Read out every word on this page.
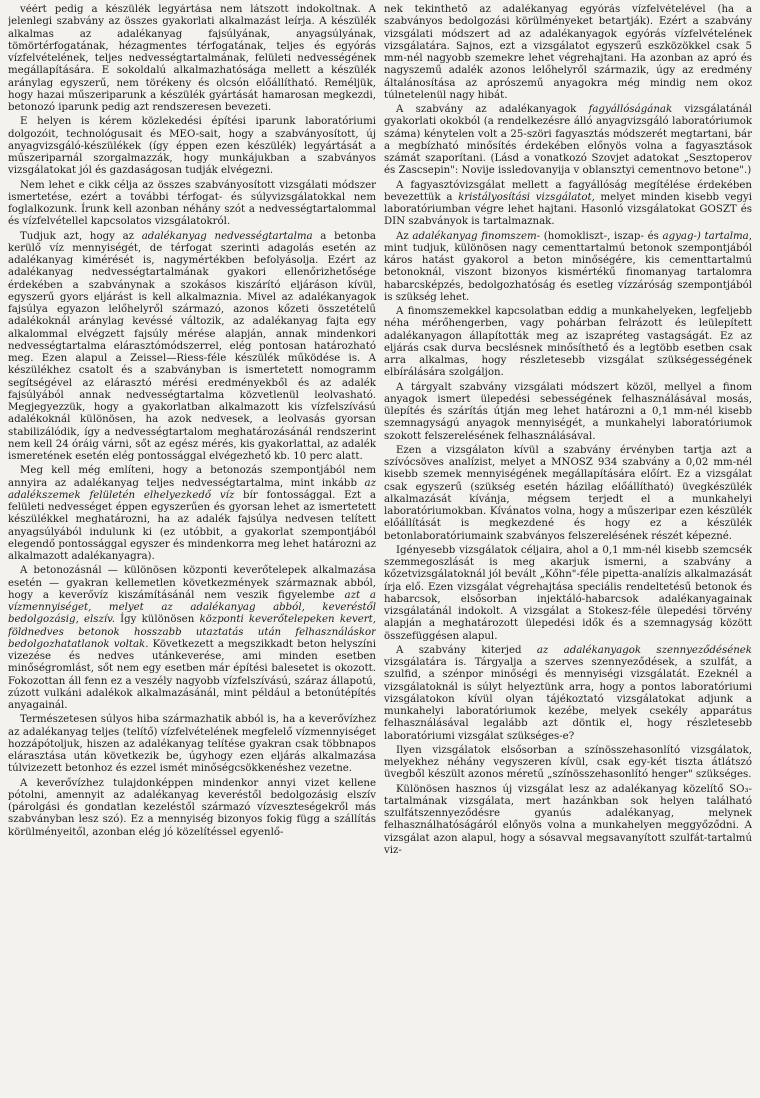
véért pedig a készülék legyártása nem látszott indokoltnak. A jelenlegi szabvány az összes gyakorlati alkalmazást leírja. A készülék alkalmas az adalékanyag fajsúlyának, anyagsúlyának, tömörtérfogatának, hézagmentes térfogatának, teljes és egyórás vízfelvételének, teljes nedvességtartalmának, felületi nedvességének megállapítására. E sokoldalú alkalmazhatósága mellett a készülék aránylag egyszerű, nem törékeny és olcsón előállítható. Reméljük, hogy hazai műszeriparunk a készülék gyártását hamarosan megkezdi, betonozó iparunk pedig azt rendszeresen bevezeti.

E helyen is kérem közlekedési építési iparunk laboratóriumi dolgozóit, technológusait és MEO-sait, hogy a szabványosított, új anyagvizsgáló-készülékek (így éppen ezen készülék) legyártását a műszeriparnál szorgalmazzák, hogy munkájukban a szabványos vizsgálatokat jól és gazdaságosan tudják elvégezni.

Nem lehet e cikk célja az összes szabványosított vizsgálati módszer ismertetése, ezért a további térfogat- és súlyvizsgálatokkal nem foglalkozunk. Írunk kell azonban néhány szót a nedvességtartalommal és vízfelvétellel kapcsolatos vizsgálatokról.

Tudjuk azt, hogy az adalékanyag nedvességtartalma a betonba kerülő víz mennyiségét, de térfogat szerinti adagolás esetén az adalékanyag kimérését is, nagymértékben befolyásolja. Ezért az adalékanyag nedvességtartalmának gyakori ellenőrizhetősége érdekében a szabványnak a szokásos kiszárító eljáráson kívül, egyszerű gyors eljárást is kell alkalmaznia. Mivel az adalékanyagok fajsúlya egyazon lelőhelyről származó, azonos kőzeti összetételű adalékoknál aránylag kevéssé változik, az adalékanyag fajta egy alkalommal elvégzett fajsúly mérése alapján, annak mindenkori nedvességtartalma elárasztómódszerrel, elég pontosan határozható meg. Ezen alapul a Zeissel—Riess-féle készülék működése is. A készülékhez csatolt és a szabványban is ismertetett nomogramm segítségével az elárasztó mérési eredményekből és az adalék fajsúlyából annak nedvességtartalma közvetlenül leolvasható. Megjegyezzük, hogy a gyakorlatban alkalmazott kis vízfelszívású adalékoknál különösen, ha azok nedvesek, a leolvasás gyorsan stabilizálódik, így a nedvességtartalom meghatározásánál rendszerint nem kell 24 óráig várni, sőt az egész mérés, kis gyakorlattal, az adalék ismeretének esetén elég pontossággal elvégezhető kb. 10 perc alatt.

Meg kell még említeni, hogy a betonozás szempontjából nem annyira az adalékanyag teljes nedvességtartalma, mint inkább az adalékszemek felületén elhelyezkedő víz bír fontossággal. Ezt a felületi nedvességet éppen egyszerűen és gyorsan lehet az ismertetett készülékkel meghatározni, ha az adalék fajsúlya nedvesen telített anyagsúlyából indulunk ki (ez utóbbit, a gyakorlat szempontjából elegendő pontossággal egyszer és mindenkorra meg lehet határozni az alkalmazott adalékanyagra).

A betonozásnál — különösen központi keverőtelepek alkalmazása esetén — gyakran kellemetlen következmények származnak abból, hogy a keverővíz kiszámításánál nem veszik figyelembe azt a vízmennyiséget, melyet az adalékanyag abból, keveréstől bedolgozásig, elszív. Így különösen központi keverőtelepeken kevert, földnedves betonok hosszabb utaztatás után felhasználáskor bedolgozhatatlanok voltak. Következett a megszikkadt beton helyszíni vizezése és nedves utánkeverése, ami minden esetben minőségromlást, sőt nem egy esetben már építési balesetet is okozott. Fokozottan áll fenn ez a veszély nagyobb vízfelszívású, száraz állapotú, zúzott vulkáni adalékok alkalmazásánál, mint például a betonútépítés anyagainál.

Természetesen súlyos hiba származhatik abból is, ha a keverővízhez az adalékanyag teljes (telítő) vízfelvételének megfelelő vízmennyiséget hozzápótoljuk, hiszen az adalékanyag telítése gyakran csak többnapos elárasztása után következik be, úgyhogy ezen eljárás alkalmazása túlvizezett betonhoz és ezzel ismét minőségcsökkenéshez vezetne.

A keverővízhez tulajdonképpen mindenkor annyi vizet kellene pótolni, amennyit az adalékanyag keveréstől bedolgozásig elszív (párolgási és gondatlan kezeléstől származó vízveszteségekről más szabványban lesz szó). Ez a mennyiség bizonyos fokig függ a szállítás körülményeitől, azonban elég jó közelítéssel egyenlő-

nek tekinthető az adalékanyag egyórás vízfelvételével (ha a szabványos bedolgozási körülményeket betartják). Ezért a szabvány vizsgálati módszert ad az adalékanyagok egyórás vízfelvételének vizsgálatára. Sajnos, ezt a vizsgálatot egyszerű eszközökkel csak 5 mm-nél nagyobb szemekre lehet végrehajtani. Ha azonban az apró és nagyszemű adalék azonos lelőhelyről származik, úgy az eredmény általánosítása az aprószemű anyagokra még mindig nem okoz túlnetelenül nagy hibát.

A szabvány az adalékanyagok fagyállóságának vizsgálatánál gyakorlati okokból (a rendelkezésre álló anyagvizsgáló laboratóriumok száma) kénytelen volt a 25-szöri fagyasztás módszerét megtartani, bár a megbízható minősítés érdekében előnyös volna a fagyasztások számát szaporítani. (Lásd a vonatkozó Szovjet adatokat „Sesztoperov és Zascsepin": Novije issledovanyija v oblansztyi cementnovo betone".)

A fagyasztóvizsgálat mellett a fagyállóság megítélése érdekében bevezettük a kristályosítási vizsgálatot, melyet minden kisebb vegyi laboratóriumban végre lehet hajtani. Hasonló vizsgálatokat GOSZT és DIN szabványok is tartalmaznak.

Az adalékanyag finomszem- (homokliszt-, iszap- és agyag-) tartalma, mint tudjuk, különösen nagy cementtartalmú betonok szempontjából káros hatást gyakorol a beton minőségére, kis cementtartalmú betonoknál, viszont bizonyos kismértékű finomanyag tartalomra habarcsképzés, bedolgozhatóság és esetleg vízzáróság szempontjából is szükség lehet.

A finomszemekkel kapcsolatban eddig a munkahelyeken, legfeljebb néha mérőhengerben, vagy pohárban felrázott és leülepített adalékanyagon állapították meg az iszapréteg vastagságát. Ez az eljárás csak durva becslésnek minősíthető és a legtöbb esetben csak arra alkalmas, hogy részletesebb vizsgálat szükségességének elbírálására szolgáljon.

A tárgyalt szabvány vizsgálati módszert közöl, mellyel a finom anyagok ismert ülepedési sebességének felhasználásával mosás, ülepítés és szárítás útján meg lehet határozni a 0,1 mm-nél kisebb szemnagyságú anyagok mennyiségét, a munkahelyi laboratóriumok szokott felszerelésének felhasználásával.

Ezen a vizsgálaton kívül a szabvány érvényben tartja azt a szívócsöves analízist, melyet a MNOSZ 934 szabvány a 0,02 mm-nél kisebb szemek mennyiségének megállapítására előírt. Ez a vizsgálat csak egyszerű (szükség esetén házilag előállítható) üvegkészülék alkalmazását kívánja, mégsem terjedt el a munkahelyi laboratóriumokban. Kívánatos volna, hogy a műszeripar ezen készülék előállítását is megkezdené és hogy ez a készülék betonlaboratóriumaink szabványos felszerelésének részét képezné.

Igényesebb vizsgálatok céljaira, ahol a 0,1 mm-nél kisebb szemcsék szemmegoszlását is meg akarjuk ismerni, a szabvány a kőzetvizsgálatoknál jól bevált „Kőhn"-féle pipetta-analízis alkalmazását írja elő. Ezen vizsgálat végrehajtása speciális rendeltetésű betonok és habarcsok, elsősorban injektáló-habarcsok adalékanyagainak vizsgálatánál indokolt. A vizsgálat a Stokesz-féle ülepedési törvény alapján a meghatározott ülepedési idők és a szemnagyság között összefüggésen alapul.

A szabvány kiterjed az adalékanyagok szennyeződésének vizsgálatára is. Tárgyalja a szerves szennyeződések, a szulfát, a szulfid, a szénpor minőségi és mennyiségi vizsgálatát. Ezeknél a vizsgálatoknál is súlyt helyeztünk arra, hogy a pontos laboratóriumi vizsgálatokon kívül olyan tájékoztató vizsgálatokat adjunk a munkahelyi laboratóriumok kezébe, melyek csekély apparátus felhasználásával legalább azt döntik el, hogy részletesebb laboratóriumi vizsgálat szükséges-e?

Ilyen vizsgálatok elsősorban a színösszehasonlító vizsgálatok, melyekhez néhány vegyszeren kívül, csak egy-két tiszta átlátszó üvegből készült azonos méretű „színösszehasonlító henger" szükséges.

Különösen hasznos új vizsgálat lesz az adalékanyag közelítő SO₃-tartalmának vizsgálata, mert hazánkban sok helyen található szulfátszennyeződésre gyanús adalékanyag, melynek felhasználhatóságáról előnyös volna a munkahelyen meggyőződni. A vizsgálat azon alapul, hogy a sósavval megsavanyított szulfát-tartalmú viz-
